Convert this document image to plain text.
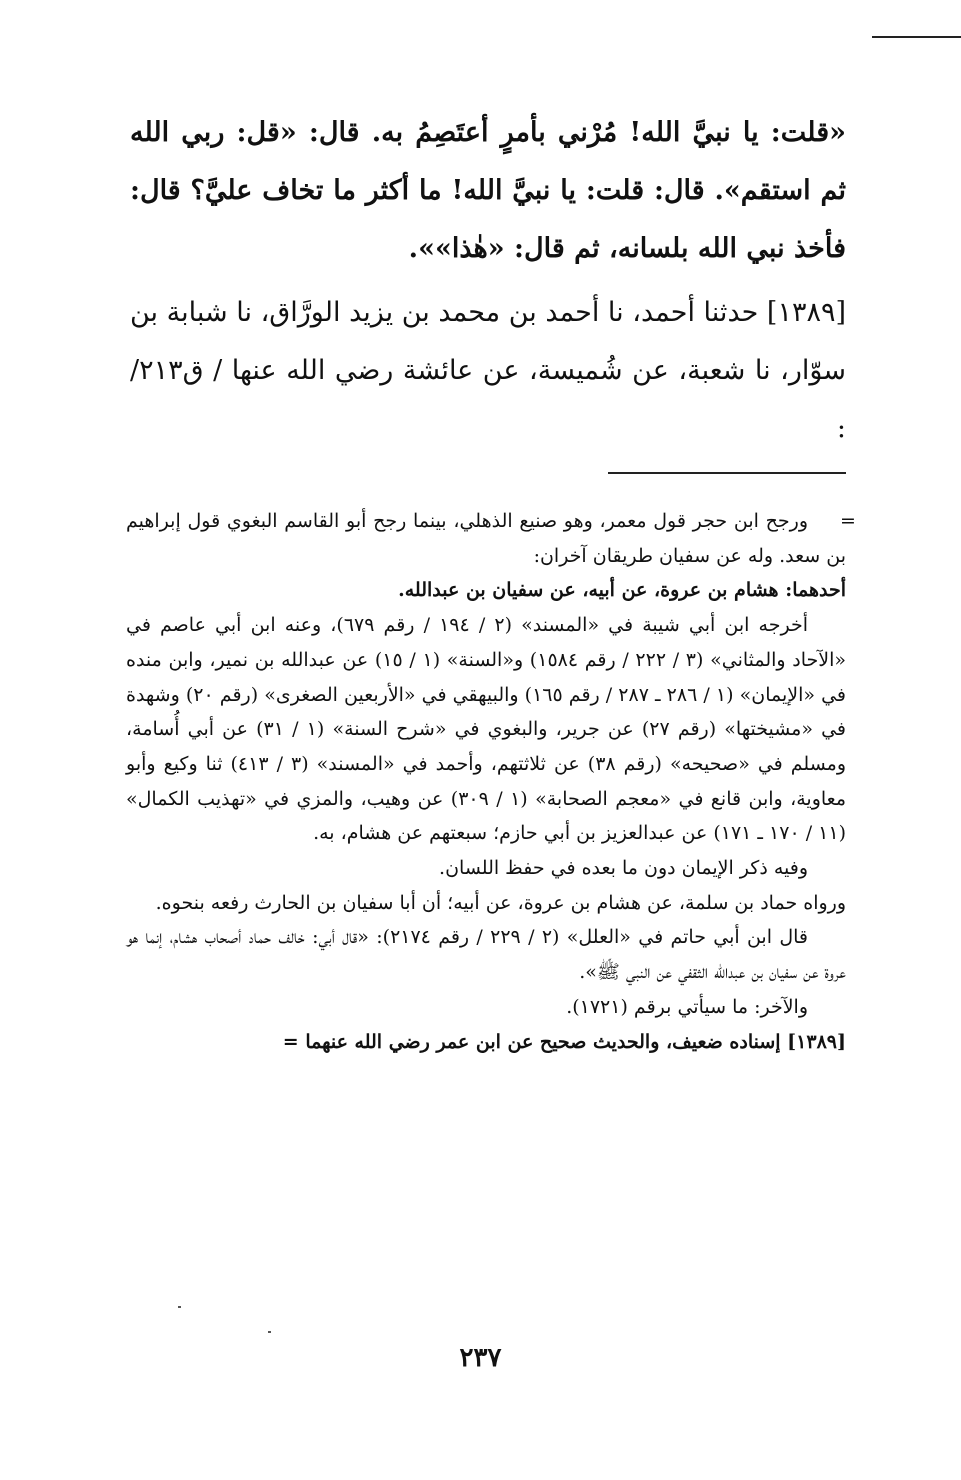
«قلت: يا نبيَّ الله! مُرْني بأمرٍ أعتَصِمُ به. قال: «قل: ربي الله ثم استقم». قال: قلت: يا نبيَّ الله! ما أكثر ما تخاف عليَّ؟ قال: فأخذ نبي الله بلسانه، ثم قال: «هٰذا»».

[١٣٨٩] حدثنا أحمد، نا أحمد بن محمد بن يزيد الورَّاق، نا شبابة بن سوّار، نا شعبة، عن شُميسة، عن عائشة رضي الله عنها / ق٢١٣/ :

ورجح ابن حجر قول معمر، وهو صنيع الذهلي، بينما رجح أبو القاسم البغوي قول إبراهيم بن سعد. وله عن سفيان طريقان آخران:

أحدهما: هشام بن عروة، عن أبيه، عن سفيان بن عبدالله.

أخرجه ابن أبي شيبة في «المسند» (٢ / ١٩٤ / رقم ٦٧٩)، وعنه ابن أبي عاصم في «الآحاد والمثاني» (٣ / ٢٢٢ / رقم ١٥٨٤) و«السنة» (١ / ١٥) عن عبدالله بن نمير، وابن منده في «الإيمان» (١ / ٢٨٦ ـ ٢٨٧ / رقم ١٦٥) والبيهقي في «الأربعين الصغرى» (رقم ٢٠) وشهدة في «مشيختها» (رقم ٢٧) عن جرير، والبغوي في «شرح السنة» (١ / ٣١) عن أبي أُسامة، ومسلم في «صحيحه» (رقم ٣٨) عن ثلاثتهم، وأحمد في «المسند» (٣ / ٤١٣) ثنا وكيع وأبو معاوية، وابن قانع في «معجم الصحابة» (١ / ٣٠٩) عن وهيب، والمزي في «تهذيب الكمال» (١١ / ١٧٠ ـ ١٧١) عن عبدالعزيز بن أبي حازم؛ سبعتهم عن هشام، به.

وفيه ذكر الإيمان دون ما بعده في حفظ اللسان.

ورواه حماد بن سلمة، عن هشام بن عروة، عن أبيه؛ أن أبا سفيان بن الحارث رفعه بنحوه.

قال ابن أبي حاتم في «العلل» (٢ / ٢٢٩ / رقم ٢١٧٤): «قال أبي: خالف حماد أصحاب هشام، إنما هو عروة عن سفيان بن عبدالله الثقفي عن النبي ﷺ».

والآخر: ما سيأتي برقم (١٧٢١).

[١٣٨٩] إسناده ضعيف، والحديث صحيح عن ابن عمر رضي الله عنهما =

=
٢٣٧
